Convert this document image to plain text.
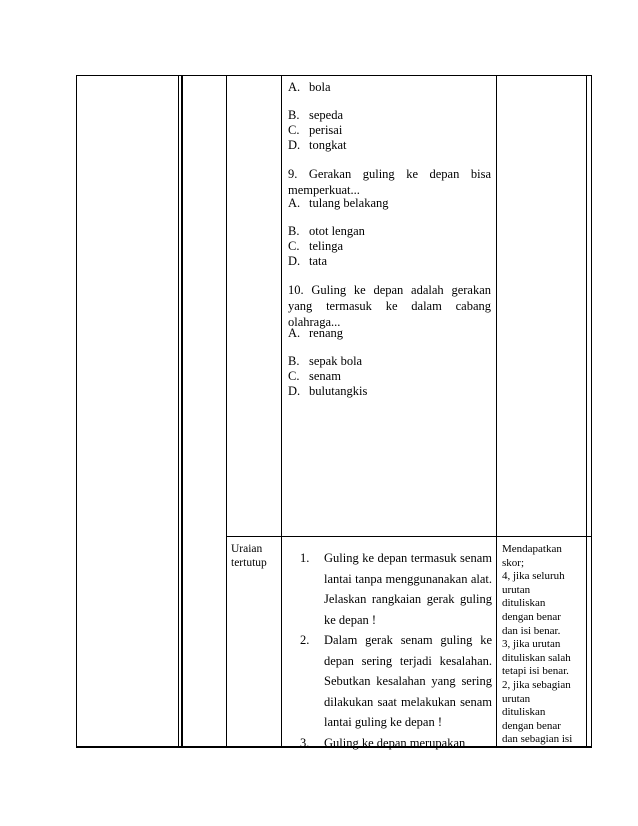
A. bola
B. sepeda
C. perisai
D. tongkat
9. Gerakan guling ke depan bisa memperkuat...
A. tulang belakang
B. otot lengan
C. telinga
D. tata
10. Guling ke depan adalah gerakan yang termasuk ke dalam cabang olahraga...
A. renang
B. sepak bola
C. senam
D. bulutangkis
Uraian
tertutup	1. Guling ke depan termasuk senam lantai tanpa menggunanakan alat. Jelaskan rangkaian gerak guling ke depan !
2. Dalam gerak senam guling ke depan sering terjadi kesalahan. Sebutkan kesalahan yang sering dilakukan saat melakukan senam lantai guling ke depan !
3. Guling ke depan merupakan
Mendapatkan
skor;
4, jika seluruh
urutan
dituliskan
dengan benar
dan isi benar.
3, jika urutan
dituliskan salah
tetapi isi benar.
2, jika sebagian
urutan
dituliskan
dengan benar
dan sebagian isi
